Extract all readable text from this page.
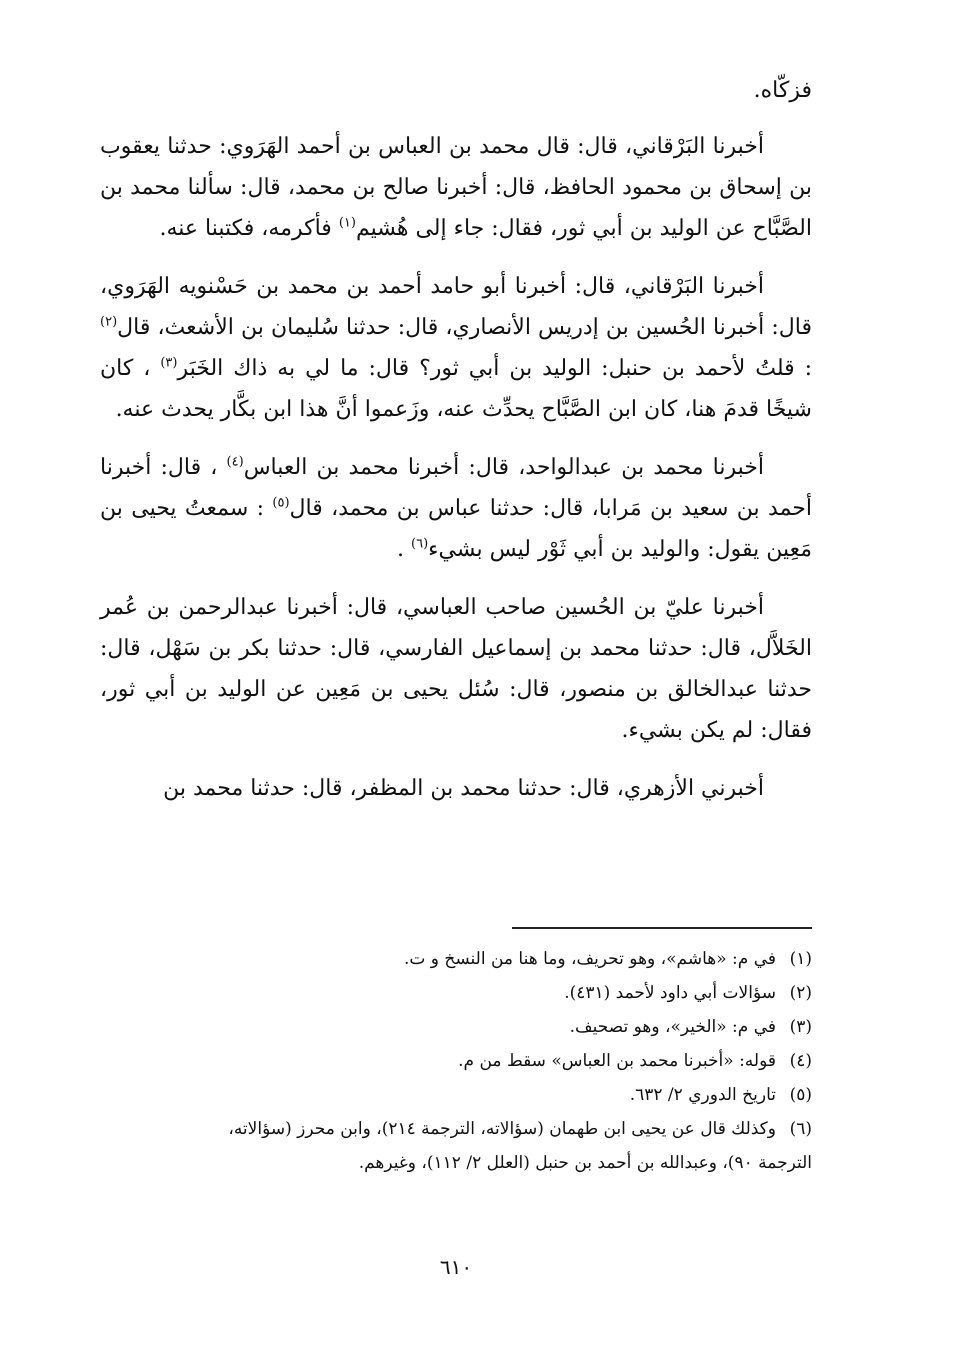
فزكّاه.

أخبرنا البَرْقاني، قال: قال محمد بن العباس بن أحمد الهَرَوي: حدثنا يعقوب بن إسحاق بن محمود الحافظ، قال: أخبرنا صالح بن محمد، قال: سألنا محمد بن الصَّبَّاح عن الوليد بن أبي ثور، فقال: جاء إلى هُشيم$^{(١)}$ فأكرمه، فكتبنا عنه.

أخبرنا البَرْقاني، قال: أخبرنا أبو حامد أحمد بن محمد بن حَسْنويه الهَرَوي، قال: أخبرنا الحُسين بن إدريس الأنصاري، قال: حدثنا سُليمان بن الأشعث، قال$^{(٢)}$ : قلتُ لأحمد بن حنبل: الوليد بن أبي ثور؟ قال: ما لي به ذاك الخَبَر$^{(٣)}$ ، كان شيخًا قدمَ هنا، كان ابن الصَّبَّاح يحدِّث عنه، وزَعموا أنَّ هذا ابن بكَّار يحدث عنه.

أخبرنا محمد بن عبدالواحد، قال: أخبرنا محمد بن العباس$^{(٤)}$ ، قال: أخبرنا أحمد بن سعيد بن مَرابا، قال: حدثنا عباس بن محمد، قال$^{(٥)}$ : سمعتُ يحيى بن مَعِين يقول: والوليد بن أبي ثَوْر ليس بشيء$^{(٦)}$ .

أخبرنا عليّ بن الحُسين صاحب العباسي، قال: أخبرنا عبدالرحمن بن عُمر الخَلاَّل، قال: حدثنا محمد بن إسماعيل الفارسي، قال: حدثنا بكر بن سَهْل، قال: حدثنا عبدالخالق بن منصور، قال: سُئل يحيى بن مَعِين عن الوليد بن أبي ثور، فقال: لم يكن بشيء.

أخبرني الأزهري، قال: حدثنا محمد بن المظفر، قال: حدثنا محمد بن

(١)
في م: «هاشم»، وهو تحريف، وما هنا من النسخ و ت.
(٢)
سؤالات أبي داود لأحمد (٤٣١).
(٣)
في م: «الخير»، وهو تصحيف.
(٤)
قوله: «أخبرنا محمد بن العباس» سقط من م.
(٥)
تاريخ الدوري ٢/ ٦٣٢.
(٦)
وكذلك قال عن يحيى ابن طهمان (سؤالاته، الترجمة ٢١٤)، وابن محرز (سؤالاته،
الترجمة ٩٠)، وعبدالله بن أحمد بن حنبل (العلل ٢/ ١١٢)، وغيرهم.
٦١٠
